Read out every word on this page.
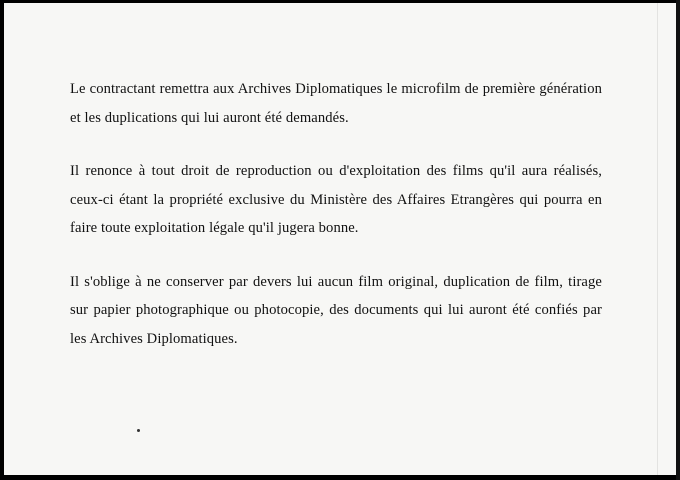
Le contractant remettra aux Archives Diplomatiques le microfilm de première génération et les duplications qui lui auront été demandés.

Il renonce à tout droit de reproduction ou d'exploitation des films qu'il aura réalisés, ceux-ci étant la propriété exclusive du Ministère des Affaires Etrangères qui pourra en faire toute exploitation légale qu'il jugera bonne.

Il s'oblige à ne conserver par devers lui aucun film original, duplication de film, tirage sur papier photographique ou photocopie, des documents qui lui auront été confiés par les Archives Diplomatiques.
